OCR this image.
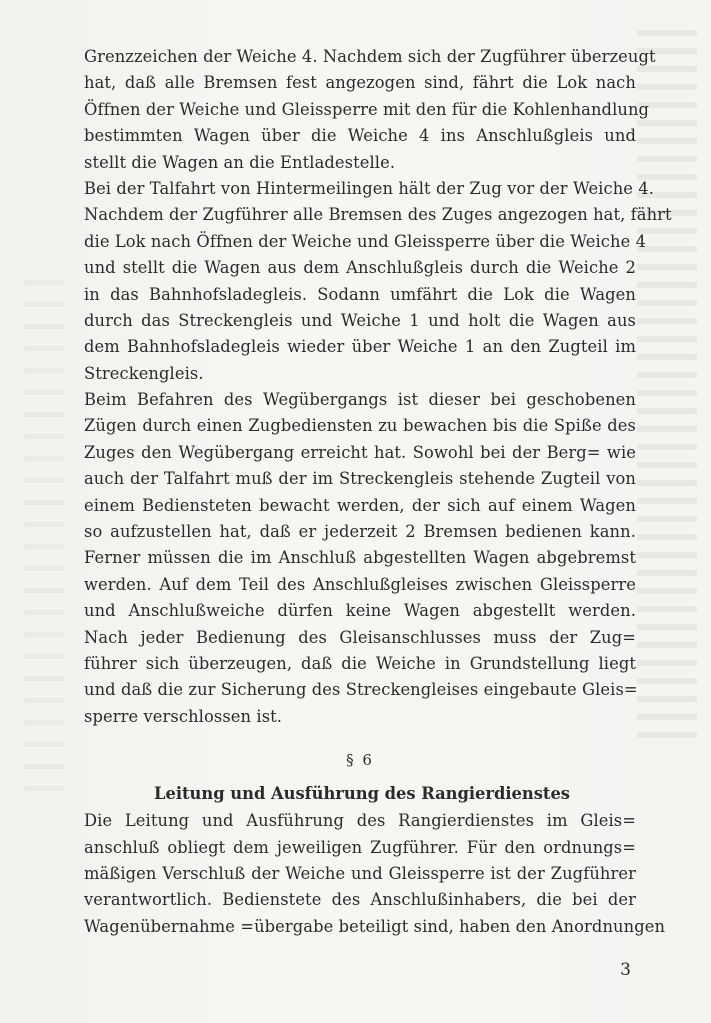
Grenzzeichen der Weiche 4. Nachdem sich der Zugführer überzeugt
hat, daß alle Bremsen fest angezogen sind, fährt die Lok nach
Öffnen der Weiche und Gleissperre mit den für die Kohlenhandlung
bestimmten Wagen über die Weiche 4 ins Anschlußgleis und
stellt die Wagen an die Entladestelle.
Bei der Talfahrt von Hintermeilingen hält der Zug vor der Weiche 4.
Nachdem der Zugführer alle Bremsen des Zuges angezogen hat, fährt
die Lok nach Öffnen der Weiche und Gleissperre über die Weiche 4
und stellt die Wagen aus dem Anschlußgleis durch die Weiche 2
in das Bahnhofsladegleis. Sodann umfährt die Lok die Wagen
durch das Streckengleis und Weiche 1 und holt die Wagen aus
dem Bahnhofsladegleis wieder über Weiche 1 an den Zugteil im
Streckengleis.
Beim Befahren des Wegübergangs ist dieser bei geschobenen
Zügen durch einen Zugbediensten zu bewachen bis die Spiße des
Zuges den Wegübergang erreicht hat. Sowohl bei der Berg= wie
auch der Talfahrt muß der im Streckengleis stehende Zugteil von
einem Bediensteten bewacht werden, der sich auf einem Wagen
so aufzustellen hat, daß er jederzeit 2 Bremsen bedienen kann.
Ferner müssen die im Anschluß abgestellten Wagen abgebremst
werden. Auf dem Teil des Anschlußgleises zwischen Gleissperre
und Anschlußweiche dürfen keine Wagen abgestellt werden.
Nach jeder Bedienung des Gleisanschlusses muss der Zug=
führer sich überzeugen, daß die Weiche in Grundstellung liegt
und daß die zur Sicherung des Streckengleises eingebaute Gleis=
sperre verschlossen ist.
§ 6
Leitung und Ausführung des Rangierdienstes
Die Leitung und Ausführung des Rangierdienstes im Gleis=
anschluß obliegt dem jeweiligen Zugführer. Für den ordnungs=
mäßigen Verschluß der Weiche und Gleissperre ist der Zugführer
verantwortlich. Bedienstete des Anschlußinhabers, die bei der
Wagenübernahme =übergabe beteiligt sind, haben den Anordnungen
3
